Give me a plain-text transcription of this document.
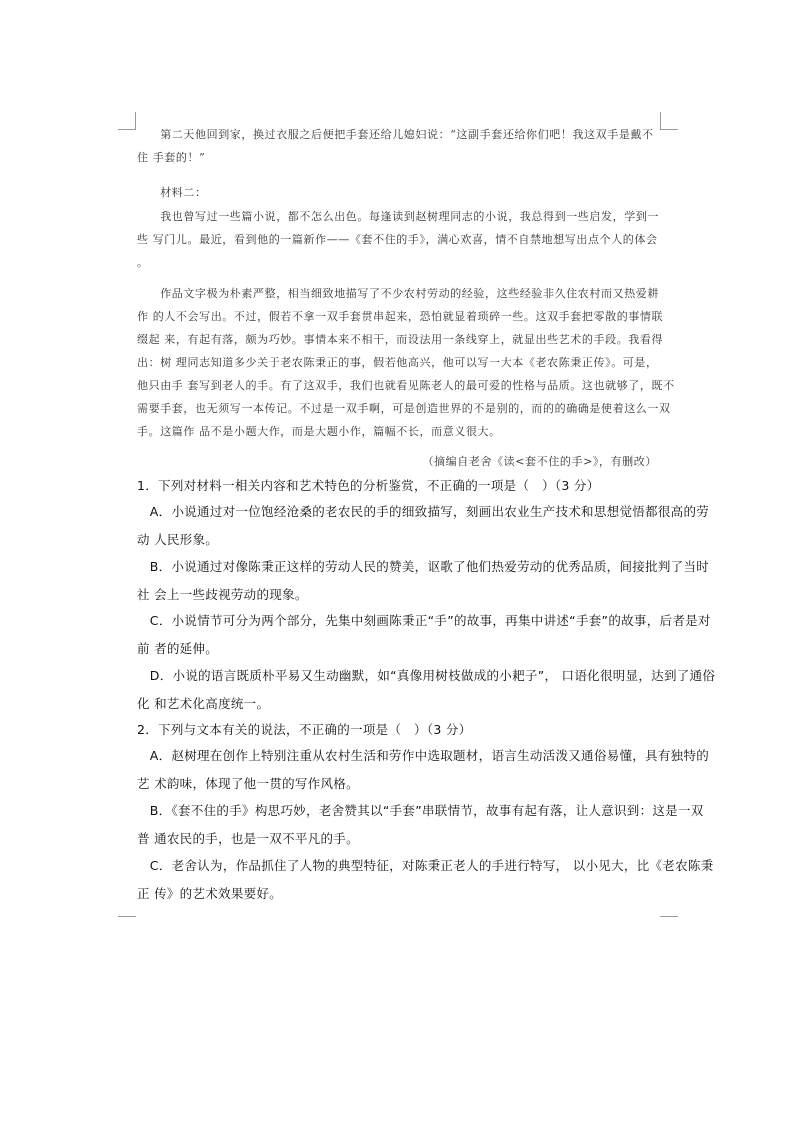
　　第二天他回到家，换过衣服之后便把手套还给儿媳妇说：“这副手套还给你们吧！我这双手是戴不
住 手套的！”
　　材料二：
　　我也曾写过一些篇小说，都不怎么出色。每逢读到赵树理同志的小说，我总得到一些启发，学到一
些 写门儿。最近，看到他的一篇新作——《套不住的手》，满心欢喜，情不自禁地想写出点个人的体会
。
　　作品文字极为朴素严整，相当细致地描写了不少农村劳动的经验，这些经验非久住农村而又热爱耕
作 的人不会写出。不过，假若不拿一双手套贯串起来，恐怕就显着琐碎一些。这双手套把零散的事情联
缀起 来，有起有落，颇为巧妙。事情本来不相干，而设法用一条线穿上，就显出些艺术的手段。我看得
出：树 理同志知道多少关于老农陈秉正的事，假若他高兴，他可以写一大本《老农陈秉正传》。可是，
他只由手 套写到老人的手。有了这双手，我们也就看见陈老人的最可爱的性格与品质。这也就够了，既不
需要手套，也无须写一本传记。不过是一双手啊，可是创造世界的不是别的，而的的确确是使着这么一双
手。这篇作 品不是小题大作，而是大题小作，篇幅不长，而意义很大。
（摘编自老舍《读<套不住的手>》，有删改）
1．下列对材料一相关内容和艺术特色的分析鉴赏，不正确的一项是（　）（3 分）
　A．小说通过对一位饱经沧桑的老农民的手的细致描写，刻画出农业生产技术和思想觉悟都很高的劳
动 人民形象。
　B．小说通过对像陈秉正这样的劳动人民的赞美，讴歌了他们热爱劳动的优秀品质，间接批判了当时
社 会上一些歧视劳动的现象。
　C．小说情节可分为两个部分，先集中刻画陈秉正“手”的故事，再集中讲述“手套”的故事，后者是对
前 者的延伸。
　D．小说的语言既质朴平易又生动幽默，如“真像用树枝做成的小耙子”， 口语化很明显，达到了通俗
化 和艺术化高度统一。
2．下列与文本有关的说法，不正确的一项是（　）（3 分）
　A．赵树理在创作上特别注重从农村生活和劳作中选取题材，语言生动活泼又通俗易懂，具有独特的
艺 术韵味，体现了他一贯的写作风格。
　B．《套不住的手》构思巧妙，老舍赞其以“手套”串联情节，故事有起有落，让人意识到：这是一双
普 通农民的手，也是一双不平凡的手。
　C．老舍认为，作品抓住了人物的典型特征，对陈秉正老人的手进行特写， 以小见大，比《老农陈秉
正 传》的艺术效果要好。
